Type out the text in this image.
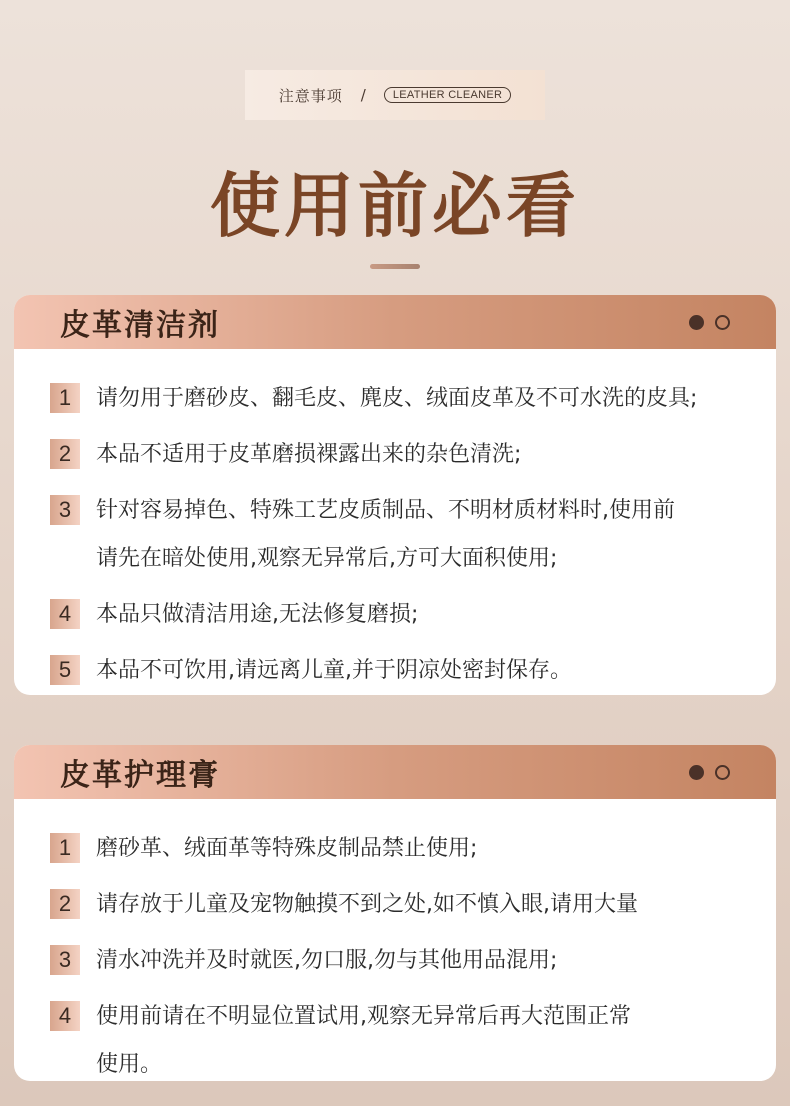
注意事项 /	LEATHER CLEANER
使用前必看
皮革清洁剂
1	请勿用于磨砂皮、翻毛皮、麂皮、绒面皮革及不可水洗的皮具;
2	本品不适用于皮革磨损裸露出来的杂色清洗;
3	针对容易掉色、特殊工艺皮质制品、不明材质材料时,使用前
请先在暗处使用,观察无异常后,方可大面积使用;
4	本品只做清洁用途,无法修复磨损;
5	本品不可饮用,请远离儿童,并于阴凉处密封保存。
皮革护理膏
1	磨砂革、绒面革等特殊皮制品禁止使用;
2	请存放于儿童及宠物触摸不到之处,如不慎入眼,请用大量
3	清水冲洗并及时就医,勿口服,勿与其他用品混用;
4	使用前请在不明显位置试用,观察无异常后再大范围正常
使用。
